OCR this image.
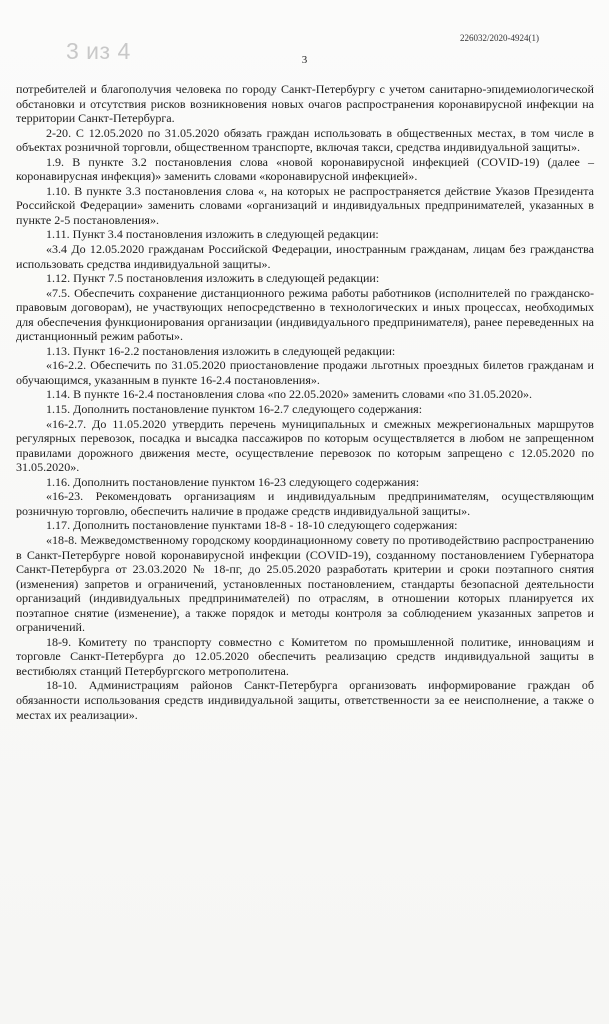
3 из 4	226032/2020-4924(1)
3

потребителей и благополучия человека по городу Санкт-Петербургу с учетом санитарно-эпидемиологической обстановки и отсутствия рисков возникновения новых очагов распространения коронавирусной инфекции на территории Санкт-Петербурга.

2-20. С 12.05.2020 по 31.05.2020 обязать граждан использовать в общественных местах, в том числе в объектах розничной торговли, общественном транспорте, включая такси, средства индивидуальной защиты».

1.9. В пункте 3.2 постановления слова «новой коронавирусной инфекцией (COVID-19) (далее – коронавирусная инфекция)» заменить словами «коронавирусной инфекцией».

1.10. В пункте 3.3 постановления слова «, на которых не распространяется действие Указов Президента Российской Федерации» заменить словами «организаций и индивидуальных предпринимателей, указанных в пункте 2-5 постановления».

1.11. Пункт 3.4 постановления изложить в следующей редакции:

«3.4 До 12.05.2020 гражданам Российской Федерации, иностранным гражданам, лицам без гражданства использовать средства индивидуальной защиты».

1.12. Пункт 7.5 постановления изложить в следующей редакции:

«7.5. Обеспечить сохранение дистанционного режима работы работников (исполнителей по гражданско-правовым договорам), не участвующих непосредственно в технологических и иных процессах, необходимых для обеспечения функционирования организации (индивидуального предпринимателя), ранее переведенных на дистанционный режим работы».

1.13. Пункт 16-2.2 постановления изложить в следующей редакции:

«16-2.2. Обеспечить по 31.05.2020 приостановление продажи льготных проездных билетов гражданам и обучающимся, указанным в пункте 16-2.4 постановления».

1.14. В пункте 16-2.4 постановления слова «по 22.05.2020» заменить словами «по 31.05.2020».

1.15. Дополнить постановление пунктом 16-2.7 следующего содержания:

«16-2.7. До 11.05.2020 утвердить перечень муниципальных и смежных межрегиональных маршрутов регулярных перевозок, посадка и высадка пассажиров по которым осуществляется в любом не запрещенном правилами дорожного движения месте, осуществление перевозок по которым запрещено с 12.05.2020 по 31.05.2020».

1.16. Дополнить постановление пунктом 16-23 следующего содержания:

«16-23. Рекомендовать организациям и индивидуальным предпринимателям, осуществляющим розничную торговлю, обеспечить наличие в продаже средств индивидуальной защиты».

1.17. Дополнить постановление пунктами 18-8 - 18-10 следующего содержания:

«18-8. Межведомственному городскому координационному совету по противодействию распространению в Санкт-Петербурге новой коронавирусной инфекции (COVID-19), созданному постановлением Губернатора Санкт-Петербурга от 23.03.2020 № 18-пг, до 25.05.2020 разработать критерии и сроки поэтапного снятия (изменения) запретов и ограничений, установленных постановлением, стандарты безопасной деятельности организаций (индивидуальных предпринимателей) по отраслям, в отношении которых планируется их поэтапное снятие (изменение), а также порядок и методы контроля за соблюдением указанных запретов и ограничений.

18-9. Комитету по транспорту совместно с Комитетом по промышленной политике, инновациям и торговле Санкт-Петербурга до 12.05.2020 обеспечить реализацию средств индивидуальной защиты в вестибюлях станций Петербургского метрополитена.

18-10. Администрациям районов Санкт-Петербурга организовать информирование граждан об обязанности использования средств индивидуальной защиты, ответственности за ее неисполнение, а также о местах их реализации».
